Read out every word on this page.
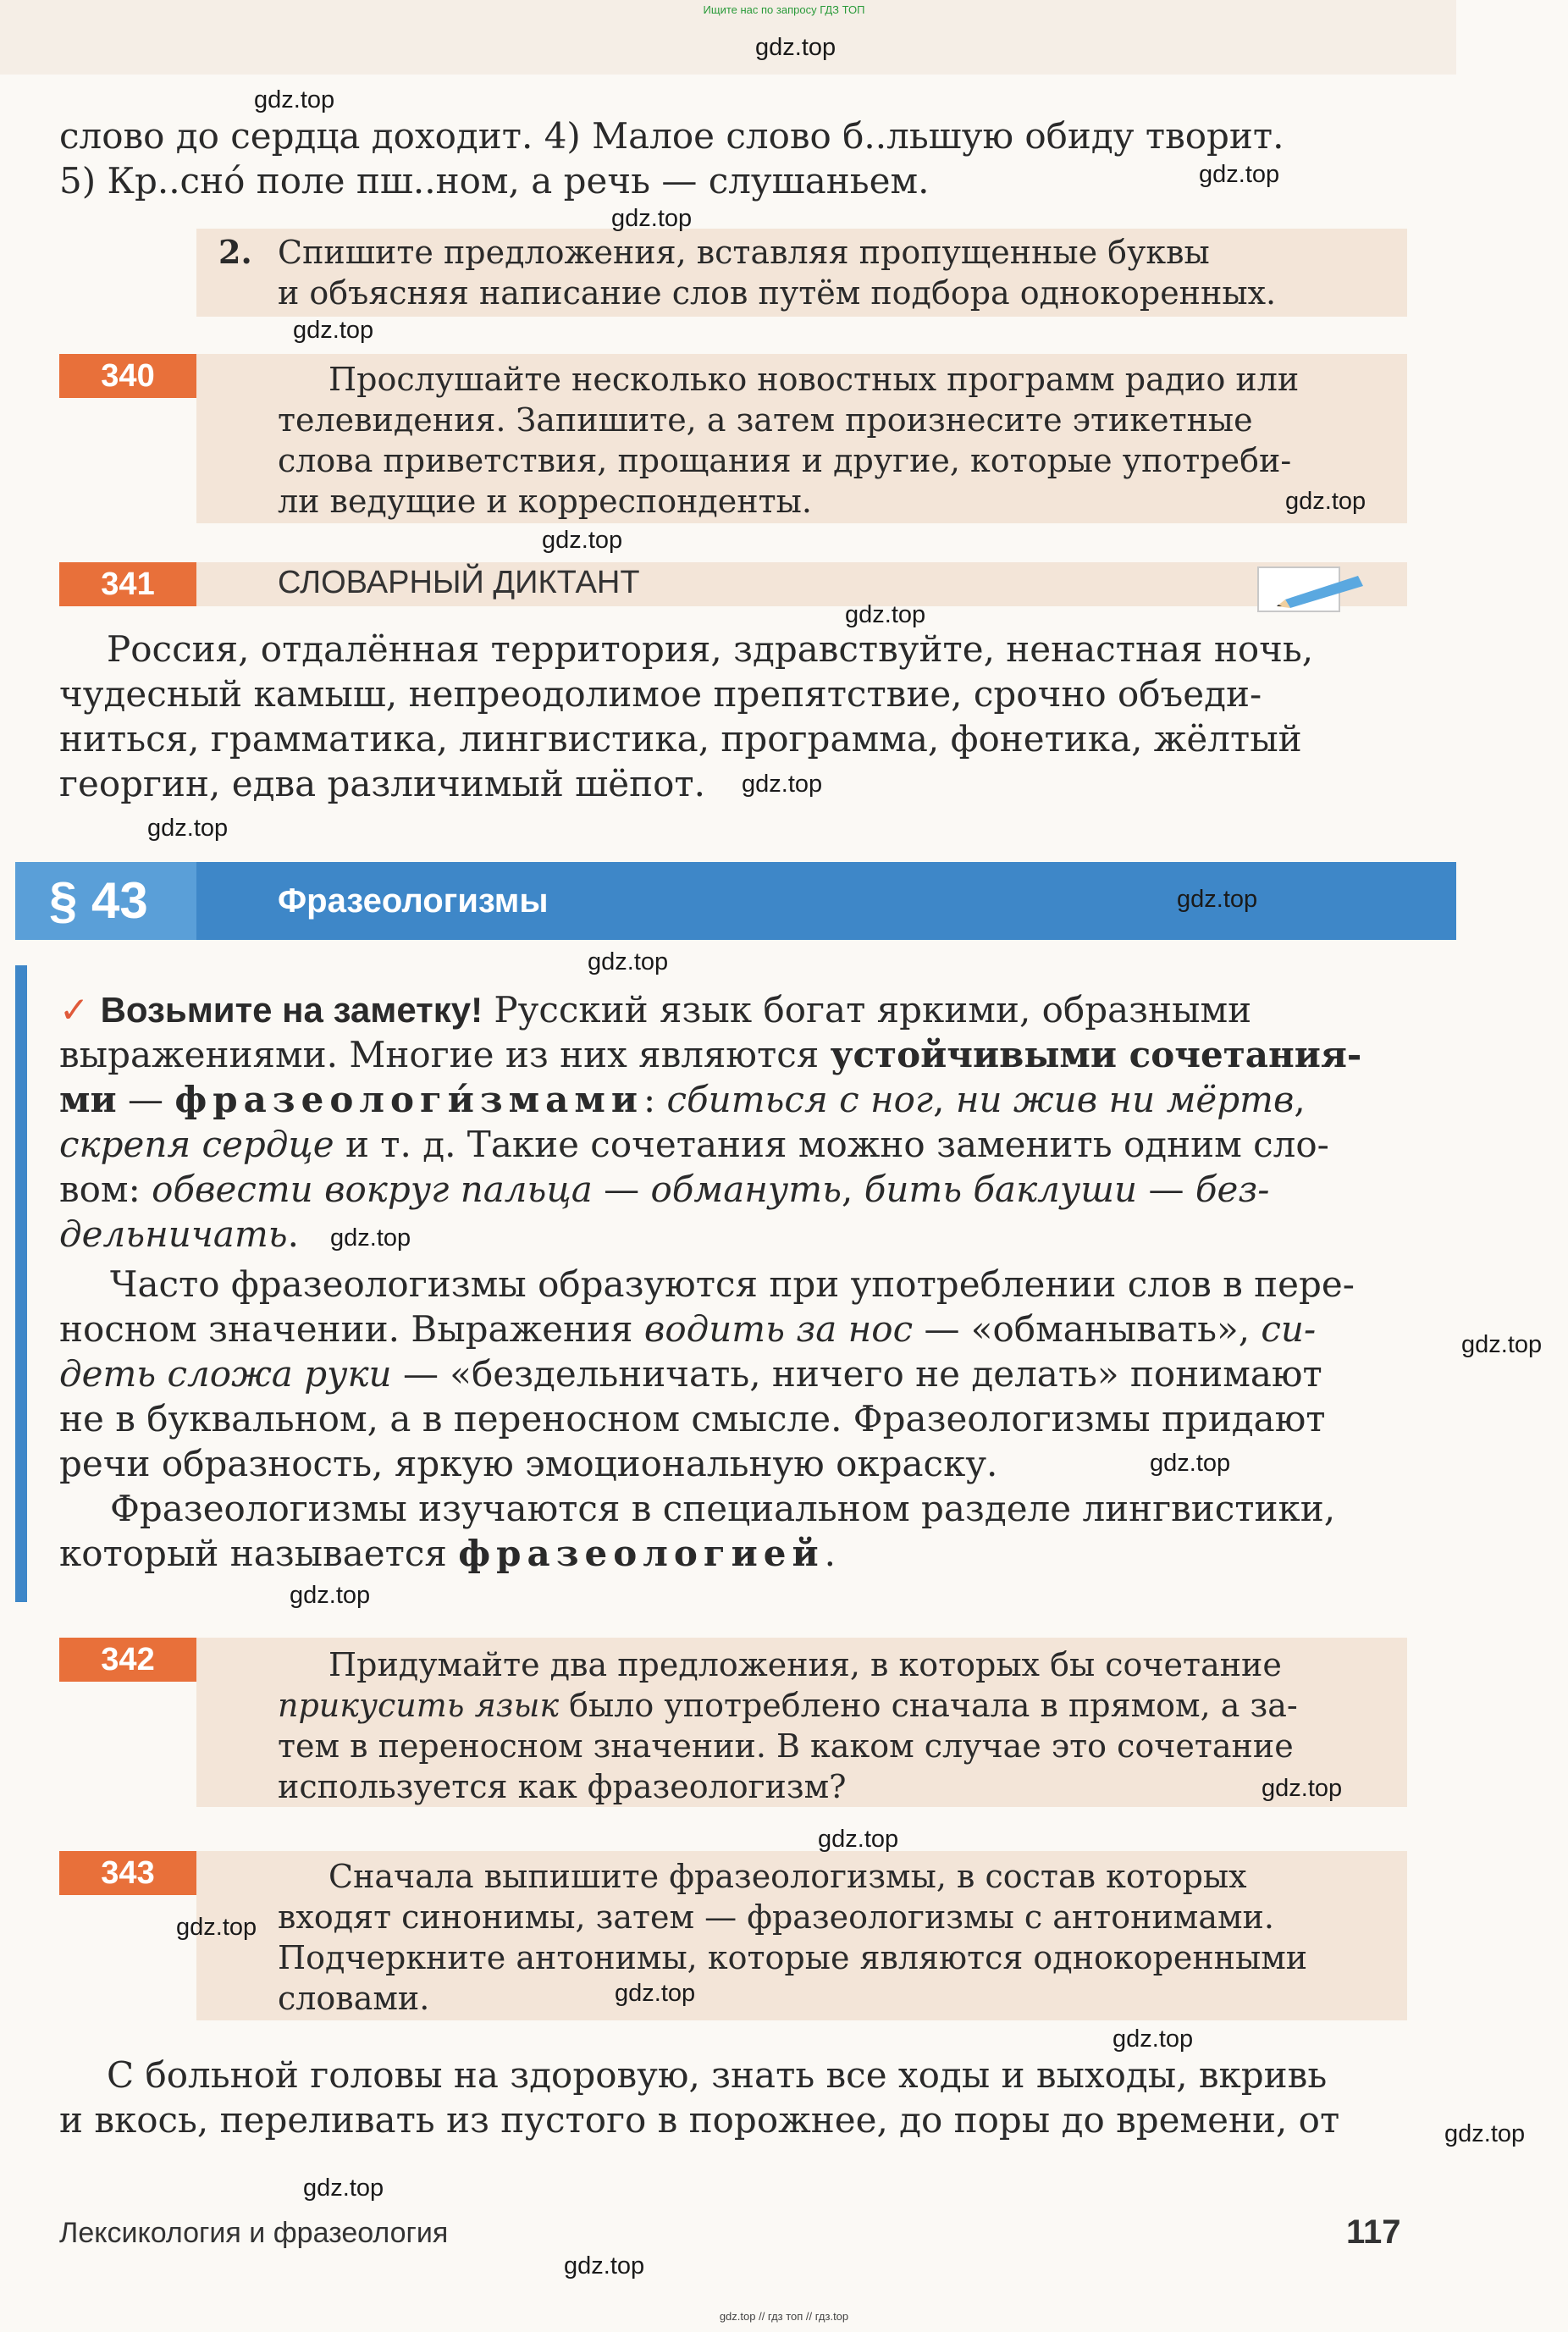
Ищите нас по запросу ГДЗ ТОП
слово до сердца доходит. 4) Малое слово б..льшую обиду творит.
5) Кр..сно́ поле пш..ном, а речь — слушаньем.
2. Спишите предложения, вставляя пропущенные буквы
и объясняя написание слов путём подбора однокоренных.
340	Прослушайте несколько новостных программ радио или
телевидения. Запишите, а затем произнесите этикетные
слова приветствия, прощания и другие, которые употреби-
ли ведущие и корреспонденты.
341	СЛОВАРНЫЙ ДИКТАНТ
Россия, отдалённая территория, здравствуйте, ненастная ночь,
чудесный камыш, непреодолимое препятствие, срочно объеди-
ниться, грамматика, лингвистика, программа, фонетика, жёлтый
георгин, едва различимый шёпот.
§ 43	Фразеологизмы
✓ Возьмите на заметку! Русский язык богат яркими, образными
выражениями. Многие из них являются устойчивыми сочетания-
ми — фразеологи́змами: сбиться с ног, ни жив ни мёртв,
скрепя сердце и т. д. Такие сочетания можно заменить одним сло-
вом: обвести вокруг пальца — обмануть, бить баклуши — без-
дельничать.
Часто фразеологизмы образуются при употреблении слов в пере-
носном значении. Выражения водить за нос — «обманывать», си-
деть сложа руки — «бездельничать, ничего не делать» понимают
не в буквальном, а в переносном смысле. Фразеологизмы придают
речи образность, яркую эмоциональную окраску.
Фразеологизмы изучаются в специальном разделе лингвистики,
который называется фразеологией.
342	Придумайте два предложения, в которых бы сочетание
прикусить язык было употреблено сначала в прямом, а за-
тем в переносном значении. В каком случае это сочетание
используется как фразеологизм?
343	Сначала выпишите фразеологизмы, в состав которых
входят синонимы, затем — фразеологизмы с антонимами.
Подчеркните антонимы, которые являются однокоренными
словами.
С больной головы на здоровую, знать все ходы и выходы, вкривь
и вкось, переливать из пустого в порожнее, до поры до времени, от
Лексикология и фразеология	117
gdz.top // гдз топ // гдз.top
gdz.top
gdz.top
gdz.top
gdz.top
gdz.top
gdz.top
gdz.top
gdz.top
gdz.top
gdz.top
gdz.top
gdz.top
gdz.top
gdz.top
gdz.top
gdz.top
gdz.top
gdz.top
gdz.top
gdz.top
gdz.top
gdz.top
gdz.top
gdz.top
